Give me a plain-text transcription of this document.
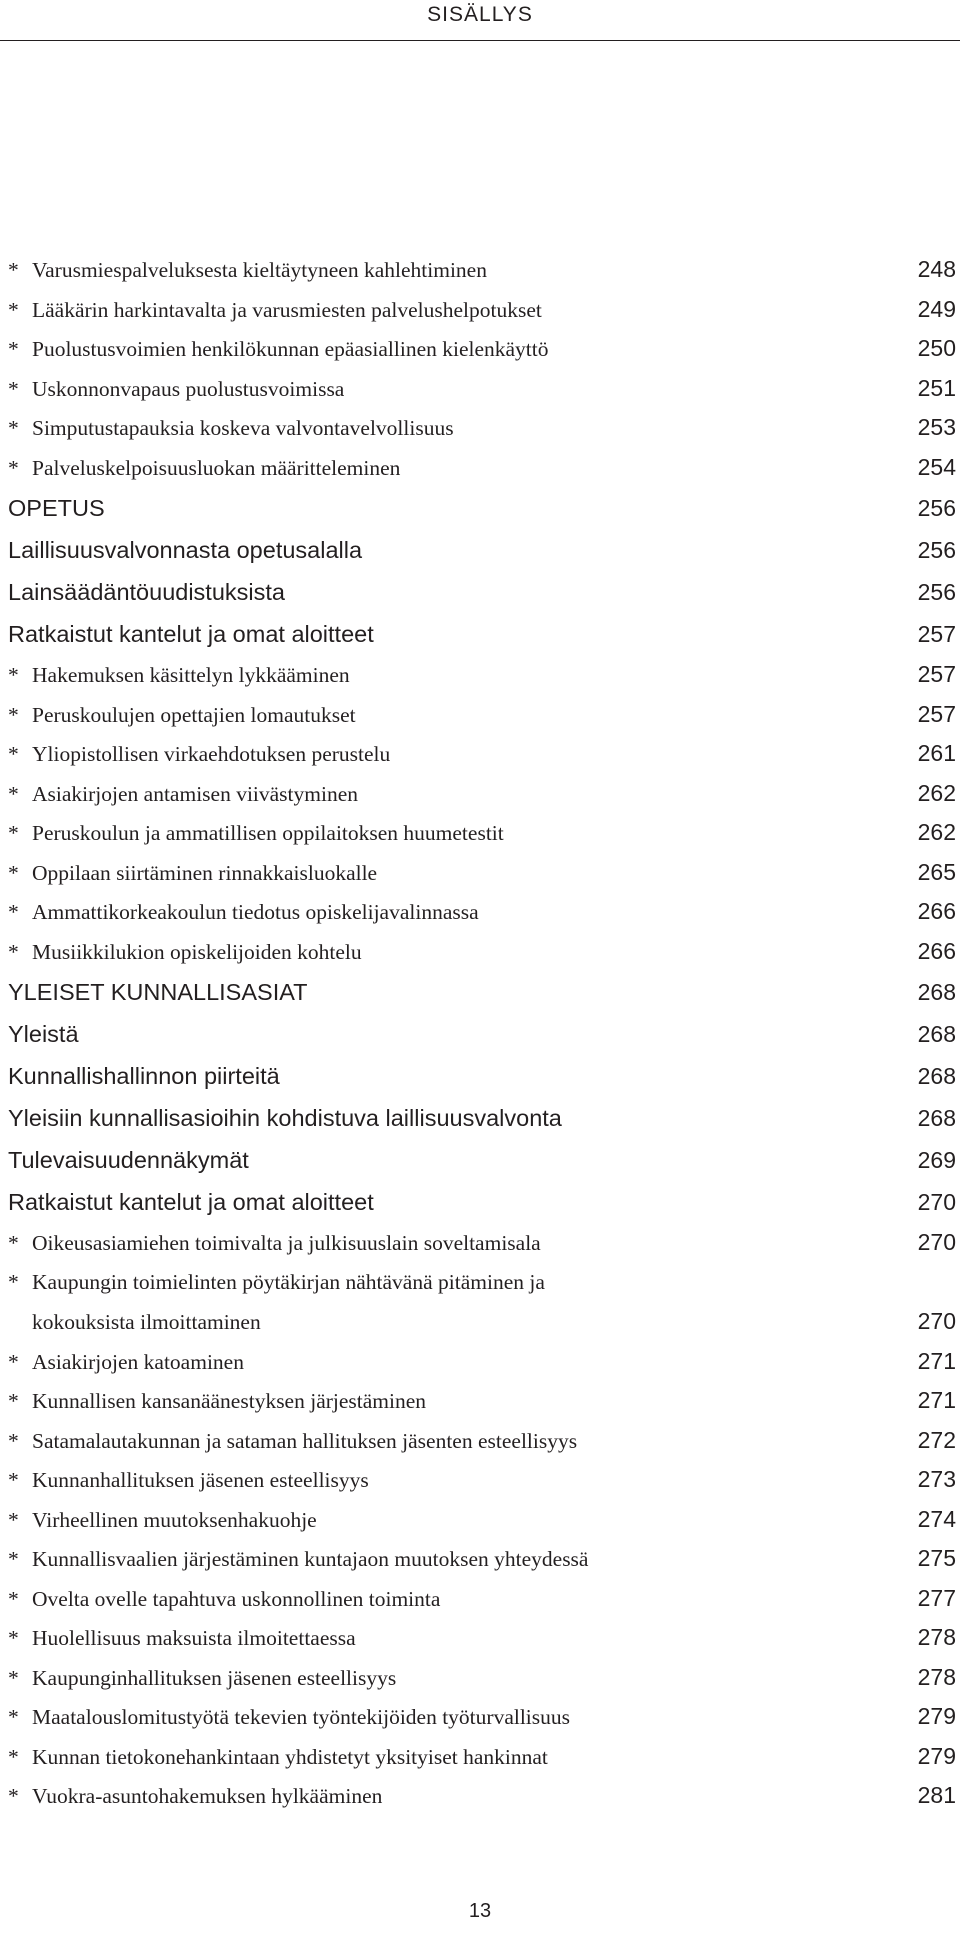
SISÄLLYS
* Varusmiespalveluksesta kieltäytyneen kahlehtiminen	248
* Lääkärin harkintavalta ja varusmiesten palvelushelpotukset	249
* Puolustusvoimien henkilökunnan epäasiallinen kielenkäyttö	250
* Uskonnonvapaus puolustusvoimissa	251
* Simputustapauksia koskeva valvontavelvollisuus	253
* Palveluskelpoisuusluokan määritteleminen	254
OPETUS	256
Laillisuusvalvonnasta opetusalalla	256
Lainsäädäntöuudistuksista	256
Ratkaistut kantelut ja omat aloitteet	257
* Hakemuksen käsittelyn lykkääminen	257
* Peruskoulujen opettajien lomautukset	257
* Yliopistollisen virkaehdotuksen perustelu	261
* Asiakirjojen antamisen viivästyminen	262
* Peruskoulun ja ammatillisen oppilaitoksen huumetestit	262
* Oppilaan siirtäminen rinnakkaisluokalle	265
* Ammattikorkeakoulun tiedotus opiskelijavalinnassa	266
* Musiikkilukion opiskelijoiden kohtelu	266
YLEISET KUNNALLISASIAT	268
Yleistä	268
Kunnallishallinnon piirteitä	268
Yleisiin kunnallisasioihin kohdistuva laillisuusvalvonta	268
Tulevaisuudennäkymät	269
Ratkaistut kantelut ja omat aloitteet	270
* Oikeusasiamiehen toimivalta ja julkisuuslain soveltamisala	270
* Kaupungin toimielinten pöytäkirjan nähtävänä pitäminen ja
kokouksista ilmoittaminen	270
* Asiakirjojen katoaminen	271
* Kunnallisen kansanäänestyksen järjestäminen	271
* Satamalautakunnan ja sataman hallituksen jäsenten esteellisyys	272
* Kunnanhallituksen jäsenen esteellisyys	273
* Virheellinen muutoksenhakuohje	274
* Kunnallisvaalien järjestäminen kuntajaon muutoksen yhteydessä	275
* Ovelta ovelle tapahtuva uskonnollinen toiminta	277
* Huolellisuus maksuista ilmoitettaessa	278
* Kaupunginhallituksen jäsenen esteellisyys	278
* Maatalouslomitustyötä tekevien työntekijöiden työturvallisuus	279
* Kunnan tietokonehankintaan yhdistetyt yksityiset hankinnat	279
* Vuokra-asuntohakemuksen hylkääminen	281
13
